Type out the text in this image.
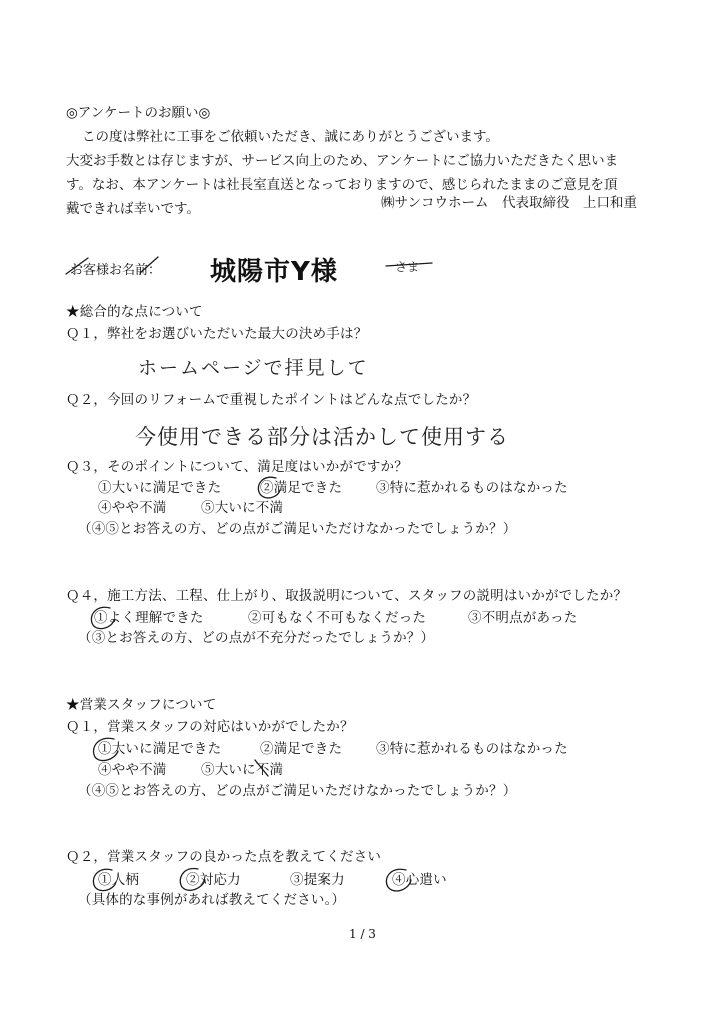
◎アンケートのお願い◎

この度は弊社に工事をご依頼いただき、誠にありがとうございます。

大変お手数とは存じますが、サービス向上のため、アンケートにご協力いただきたく思いま

す。なお、本アンケートは社長室直送となっておりますので、感じられたままのご意見を頂

戴できれば幸いです。	㈱サンコウホーム　代表取締役　上口和重
お客様お名前： 城陽市Y様	さま
★総合的な点について
Ｑ１，弊社をお選びいただいた最大の決め手は？
ホームページで拝見して
Ｑ２，今回のリフォームで重視したポイントはどんな点でしたか？
今使用できる部分は活かして使用する
Ｑ３，そのポイントについて、満足度はいかがですか？
①大いに満足できた	②満足できた	③特に惹かれるものはなかった
④やや不満	⑤大いに不満
（④⑤とお答えの方、どの点がご満足いただけなかったでしょうか？）
Ｑ４，施工方法、工程、仕上がり、取扱説明について、スタッフの説明はいかがでしたか？
①よく理解できた	②可もなく不可もなくだった	③不明点があった
（③とお答えの方、どの点が不充分だったでしょうか？）
★営業スタッフについて
Ｑ１，営業スタッフの対応はいかがでしたか？
①大いに満足できた	②満足できた	③特に惹かれるものはなかった
④やや不満	⑤大いに不満
（④⑤とお答えの方、どの点がご満足いただけなかったでしょうか？）
Ｑ２，営業スタッフの良かった点を教えてください
①人柄	②対応力	③提案力	④心遣い
（具体的な事例があれば教えてください。）
1 / 3
